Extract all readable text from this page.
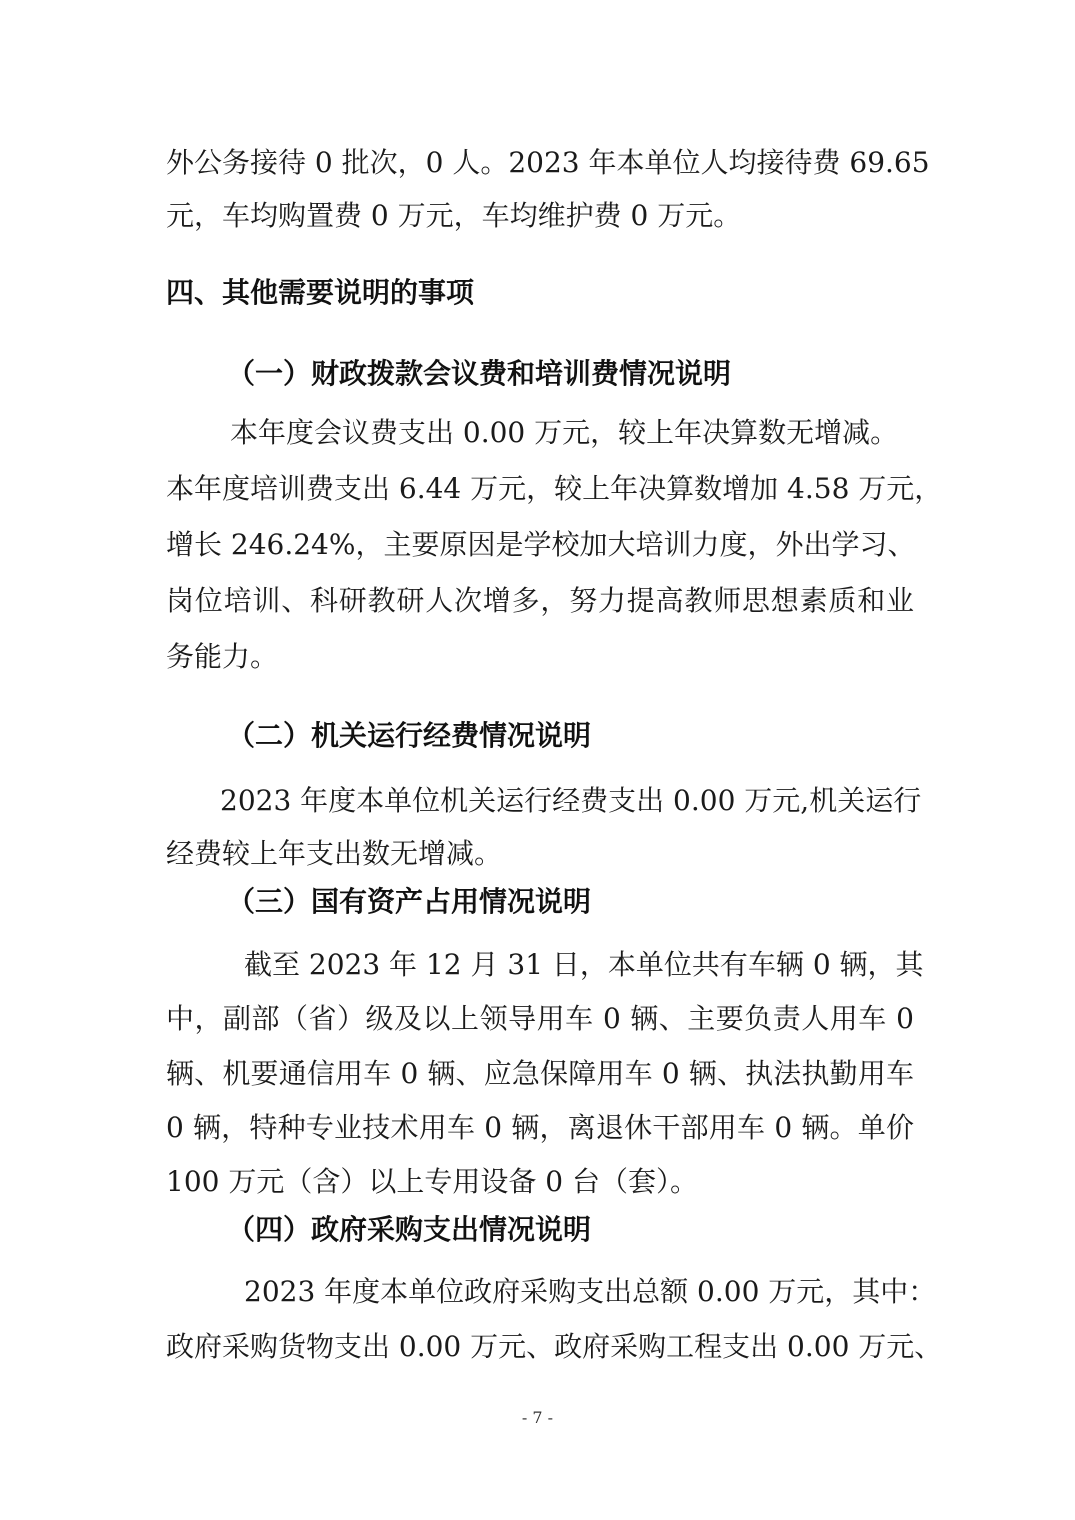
外公务接待 0 批次，0 人。2023 年本单位人均接待费 69.65
元，车均购置费 0 万元，车均维护费 0 万元。
四、其他需要说明的事项
（一）财政拨款会议费和培训费情况说明
本年度会议费支出 0.00 万元，较上年决算数无增减。
本年度培训费支出 6.44 万元，较上年决算数增加 4.58 万元，
增长 246.24%，主要原因是学校加大培训力度，外出学习、
岗位培训、科研教研人次增多，努力提高教师思想素质和业
务能力。
（二）机关运行经费情况说明
2023 年度本单位机关运行经费支出 0.00 万元,机关运行
经费较上年支出数无增减。
（三）国有资产占用情况说明
截至 2023 年 12 月 31 日，本单位共有车辆 0 辆，其
中，副部（省）级及以上领导用车 0 辆、主要负责人用车 0
辆、机要通信用车 0 辆、应急保障用车 0 辆、执法执勤用车
0 辆，特种专业技术用车 0 辆，离退休干部用车 0 辆。单价
100 万元（含）以上专用设备 0 台（套）。
（四）政府采购支出情况说明
2023 年度本单位政府采购支出总额 0.00 万元，其中：
政府采购货物支出 0.00 万元、政府采购工程支出 0.00 万元、
- 7 -
